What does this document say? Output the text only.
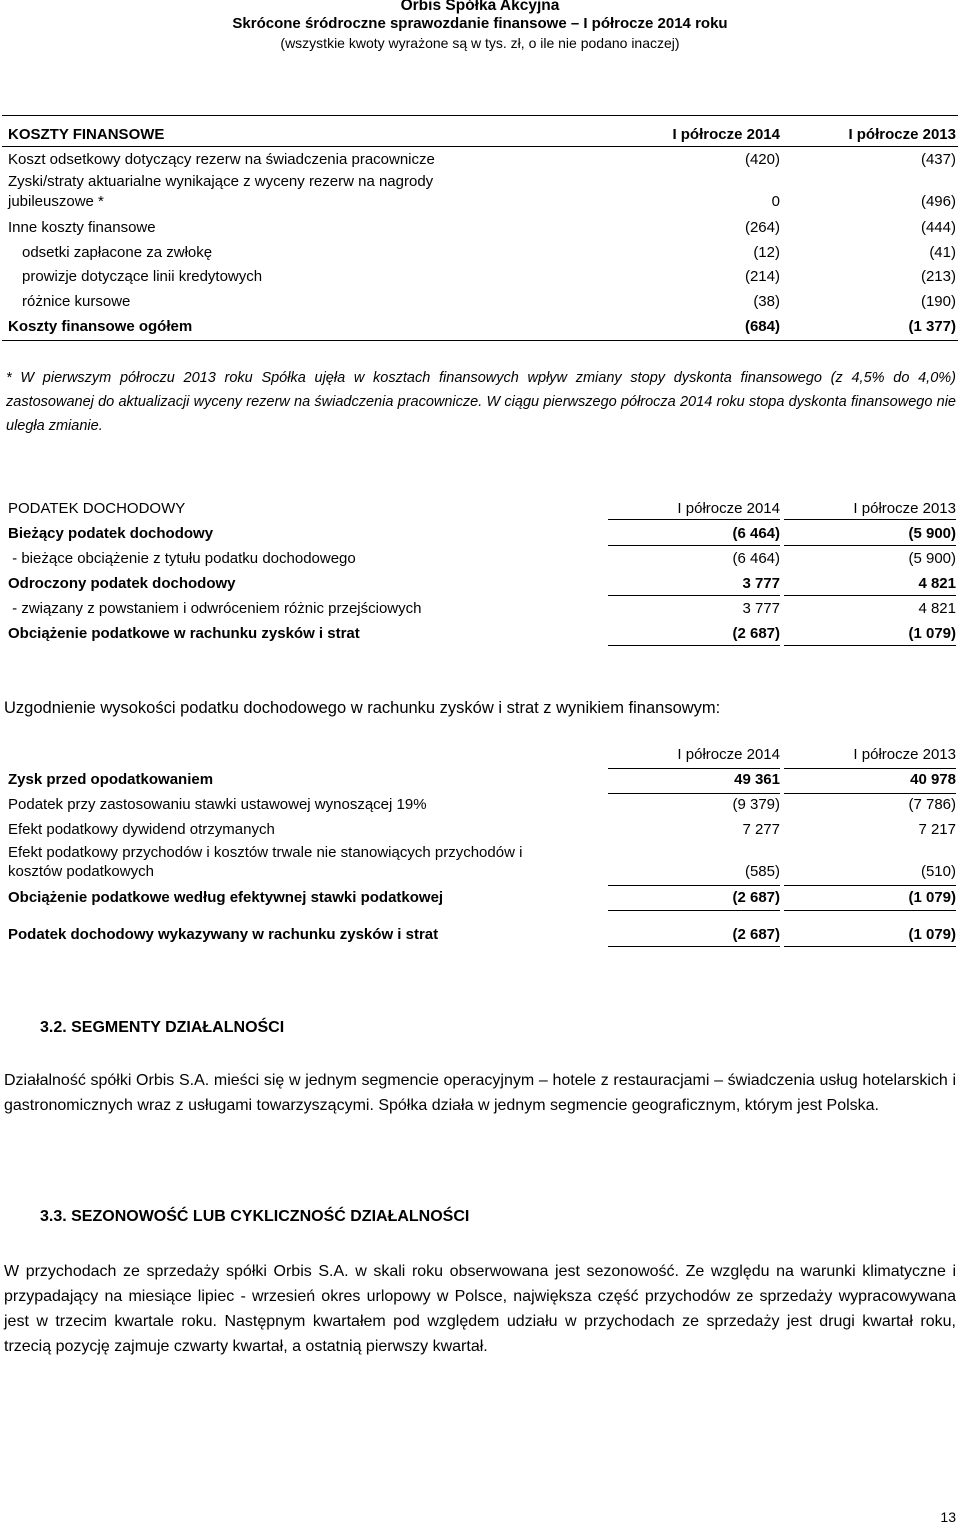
Orbis Spółka Akcyjna
Skrócone śródroczne sprawozdanie finansowe – I półrocze 2014 roku
(wszystkie kwoty wyrażone są w tys. zł, o ile nie podano inaczej)
KOSZTY FINANSOWE	I półrocze 2014	I półrocze 2013
Koszt odsetkowy dotyczący rezerw na świadczenia pracownicze	(420)	(437)
Zyski/straty aktuarialne wynikające z wyceny rezerw na nagrody
jubileuszowe *	0	(496)
Inne koszty finansowe	(264)	(444)
odsetki zapłacone za zwłokę	(12)	(41)
prowizje dotyczące linii kredytowych	(214)	(213)
różnice kursowe	(38)	(190)
Koszty finansowe ogółem	(684)	(1 377)
* W pierwszym półroczu 2013 roku Spółka ujęła w kosztach finansowych wpływ zmiany stopy dyskonta finansowego (z 4,5% do 4,0%) zastosowanej do aktualizacji wyceny rezerw na świadczenia pracownicze. W ciągu pierwszego półrocza 2014 roku stopa dyskonta finansowego nie uległa zmianie.
PODATEK DOCHODOWY	I półrocze 2014	I półrocze 2013
Bieżący podatek dochodowy	(6 464)	(5 900)
- bieżące obciążenie z tytułu podatku dochodowego	(6 464)	(5 900)
Odroczony podatek dochodowy	3 777	4 821
- związany z powstaniem i odwróceniem różnic przejściowych	3 777	4 821
Obciążenie podatkowe w rachunku zysków i strat	(2 687)	(1 079)
Uzgodnienie wysokości podatku dochodowego w rachunku zysków i strat z wynikiem finansowym:
I półrocze 2014	I półrocze 2013
Zysk przed opodatkowaniem	49 361	40 978
Podatek przy zastosowaniu stawki ustawowej wynoszącej 19%	(9 379)	(7 786)
Efekt podatkowy dywidend otrzymanych	7 277	7 217
Efekt podatkowy przychodów i kosztów trwale nie stanowiących przychodów i
kosztów podatkowych	(585)	(510)
Obciążenie podatkowe według efektywnej stawki podatkowej	(2 687)	(1 079)
Podatek dochodowy wykazywany w rachunku zysków i strat	(2 687)	(1 079)
3.2. SEGMENTY DZIAŁALNOŚCI
Działalność spółki Orbis S.A. mieści się w jednym segmencie operacyjnym – hotele z restauracjami – świadczenia usług hotelarskich i gastronomicznych wraz z usługami towarzyszącymi. Spółka działa w jednym segmencie geograficznym, którym jest Polska.
3.3. SEZONOWOŚĆ LUB CYKLICZNOŚĆ DZIAŁALNOŚCI
W przychodach ze sprzedaży spółki Orbis S.A. w skali roku obserwowana jest sezonowość. Ze względu na warunki klimatyczne i przypadający na miesiące lipiec - wrzesień okres urlopowy w Polsce, największa część przychodów ze sprzedaży wypracowywana jest w trzecim kwartale roku. Następnym kwartałem pod względem udziału w przychodach ze sprzedaży jest drugi kwartał roku, trzecią pozycję zajmuje czwarty kwartał, a ostatnią pierwszy kwartał.
13
